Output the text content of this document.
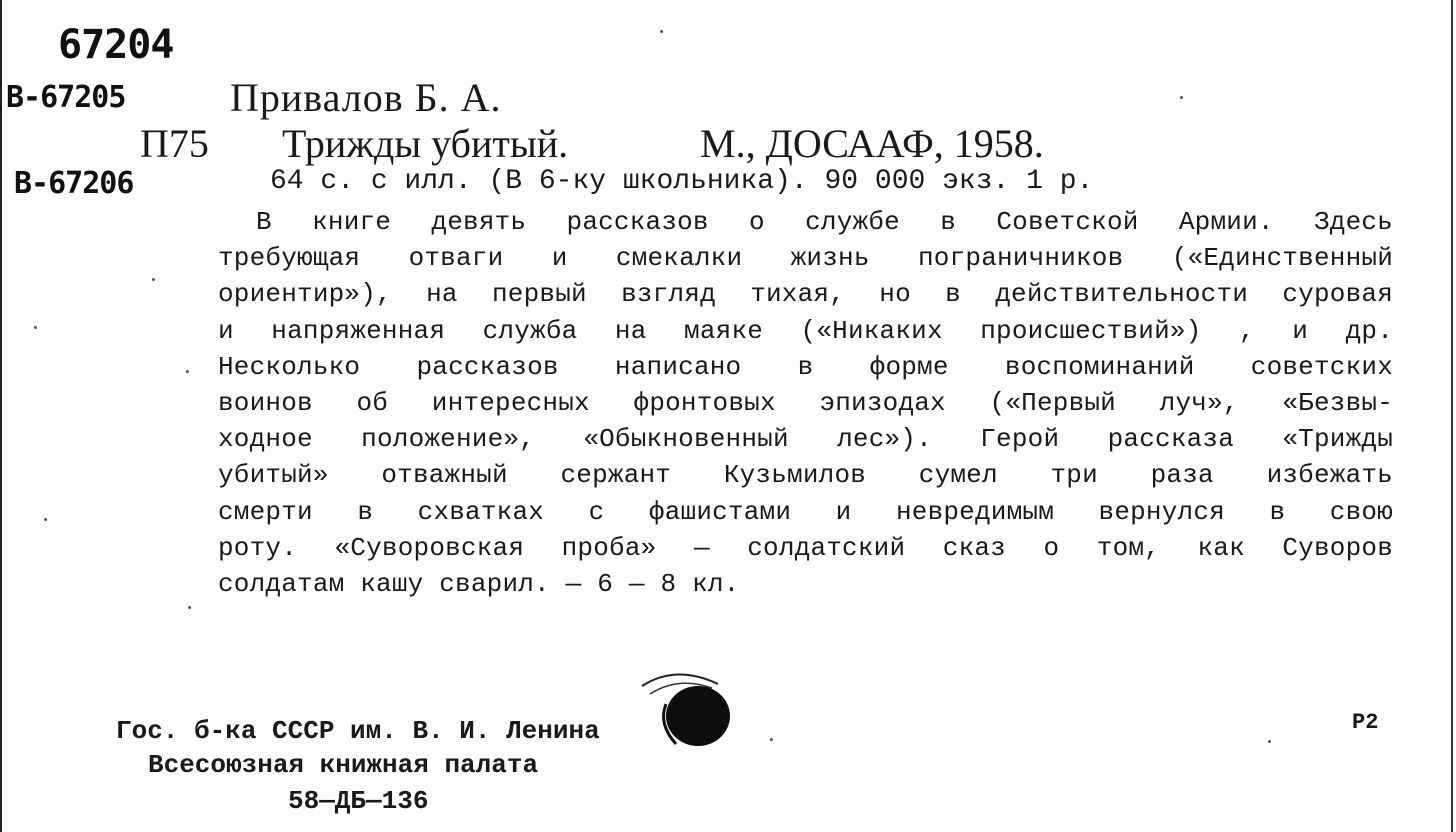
67204
В-67205
В-67206
Привалов Б. А.
П75 Трижды убитый.	М., ДОСААФ, 1958.
64 с. с илл. (В 6-ку школьника). 90 000 экз. 1 р.
В книге девять рассказов о службе в Советской Армии. Здесь
требующая отваги и смекалки жизнь пограничников («Единственный
ориентир»), на первый взгляд тихая, но в действительности суровая
и напряженная служба на маяке («Никаких происшествий») , и др.
Несколько рассказов написано в форме воспоминаний советских
воинов об интересных фронтовых эпизодах («Первый луч», «Безвы-
ходное положение», «Обыкновенный лес»). Герой рассказа «Трижды
убитый» отважный сержант Кузьмилов сумел три раза избежать
смерти в схватках с фашистами и невредимым вернулся в свою
роту. «Суворовская проба» — солдатский сказ о том, как Суворов
солдатам кашу сварил. — 6 — 8 кл.
Гос. б-ка СССР им. В. И. Ленина
Всесоюзная книжная палата
58—ДБ—136
Р2
